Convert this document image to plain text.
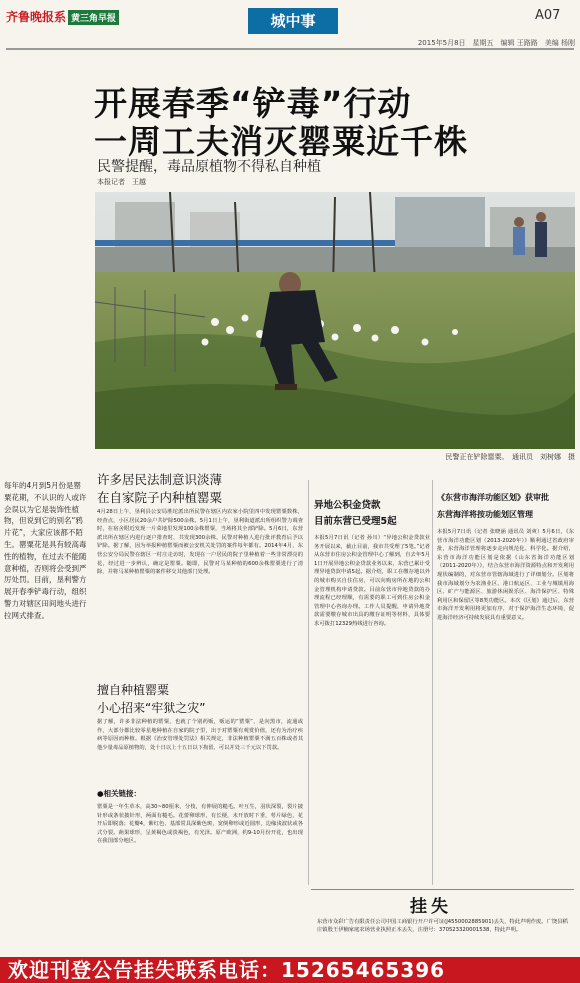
齐鲁晚报系 黄三角早报	城中事	A07
2015年5月8日　星期五　编辑 王路路　美编 杨刚
开展春季“铲毒”行动
一周工夫消灭罂粟近千株
民警提醒，毒品原植物不得私自种植
本报记者　王越
民警正在铲除罂粟。　通讯员　刘树娜　摄
每年的4月到5月份是罂粟花期，不认识的人或许会误以为它是装饰性植物，但说到它的别名“鸦片花”，大家应该都不陌生。罂粟花是具有较高毒性的植物，在过去不能随意种植，否则将会受到严厉处罚。目前，垦利警方展开春季铲毒行动，组织警力对辖区田间地头进行拉网式排查。
许多居民法制意识淡薄
在自家院子内种植罂粟
4月28日上午，垦利县公安局胜坨派出所民警在辖区内农家小院里四中发现罂粟数株，经查点，小区居民20余户共铲除500余株。5月1日上午，垦利街道派出所组织警力调查时，在宿舍附近发现一片菜地里发现100余株罂粟，当场将其全部铲除。5月6日，东营派出所在辖区内进行逐户排查时，共发现300余株，民警对种植人进行批评教育后予以铲除。据了解，因为举报种植罂粟而被公安机关处罚的案件每年都有。2014年4月，东营公安分局民警在辖区一村庄走访时，发现在一户居民的院子里种植着一些非常漂亮的花，经过进一步辨认，确定是罂粟。随即，民警对马某种植的600余株罂粟进行了清除，并将马某种植罂粟的案件移交其他部门处理。
擅自种植罂粟
小心招来“牢狱之灾”
据了解，许多非法种植的罂粟，也就了个别药贩，贩运的“罂粟”，是向黑市，流通或作，大部分都比较零星地种植在自家的院子里，出于对罂粟有观赏价值，还有为治疗疾病等原因而种植。根据《治安管理处罚法》相关规定，非法种植罂粟不满五百株或者其他少量毒品原植物的，处十日以上十五日以下拘留，可以并处三千元以下罚款。
●相关链接：
罂粟是一年生草本，高30~80厘米，分枝，有伸展的糙毛。叶互生，羽状深裂，裂片披针形或条状披针形，两面有糙毛。花蕾卵球形，有长梗，未开放时下垂，萼片绿色，花开后即脱落；花瓣4，紫红色，基部常具深紫色斑，宽倒卵形或近圆形，边缘浅波状或各式分裂。蒴果球形，呈黄褐色或淡褐色，有光泽。原产欧洲，约9-10月份开花，也出现在我国部分地区。
异地公积金贷款
目前东营已受理5起
本报5月7日讯（记者 孙川）“异地公积金贷款业务开展以来，截止目前，我市共受理了5笔。”记者从东营市住房公积金管理中心了解到，自去年5月1日开展异地公积金贷款业务以来，东营已累计受理异地贷款申请5起。据介绍，职工在缴存地以外的城市购买自住住房，可以向购房所在地的公积金管理机构申请贷款。目前东营市异地贷款的办理流程已经理顺，有需要的职工可到住房公积金管理中心咨询办理。工作人员提醒，申请异地贷款需要缴存城市出具的缴存证明等材料，具体要求可拨打12329热线进行咨询。
《东营市海洋功能区划》获审批
东营海洋将按功能划区管理
本报5月7日讯（记者 张晓涵 通讯员 刘爽）5月6日，《东营市海洋功能区划（2013-2020年）》顺利通过省政府审批，东营海洋管理将逐步走向规范化、科学化。据介绍，东营市海洋功能区划是依据《山东省海洋功能区划（2011-2020年）》，结合东营市海洋资源特点和开发利用现状编制的，对东营市管辖海域进行了详细划分。区划将我市海域划分为农渔业区、港口航运区、工业与城镇用海区、矿产与能源区、旅游休闲娱乐区、海洋保护区、特殊利用区和保留区等8类功能区。本次《区划》通过后，东营市海洋开发利用将更加有序，对于保护海洋生态环境，促进海洋经济可持续发展具有重要意义。
挂失
东营市众彩广告有限责任公司中国工商银行开户许可证(J4550002885901)丢失，特此声明作废。广饶县稻庄镇殷王伊楠家庭农场营业执照正本丢失，注册号：370523320001538，特此声明。
欢迎刊登公告挂失联系电话：15265465396
